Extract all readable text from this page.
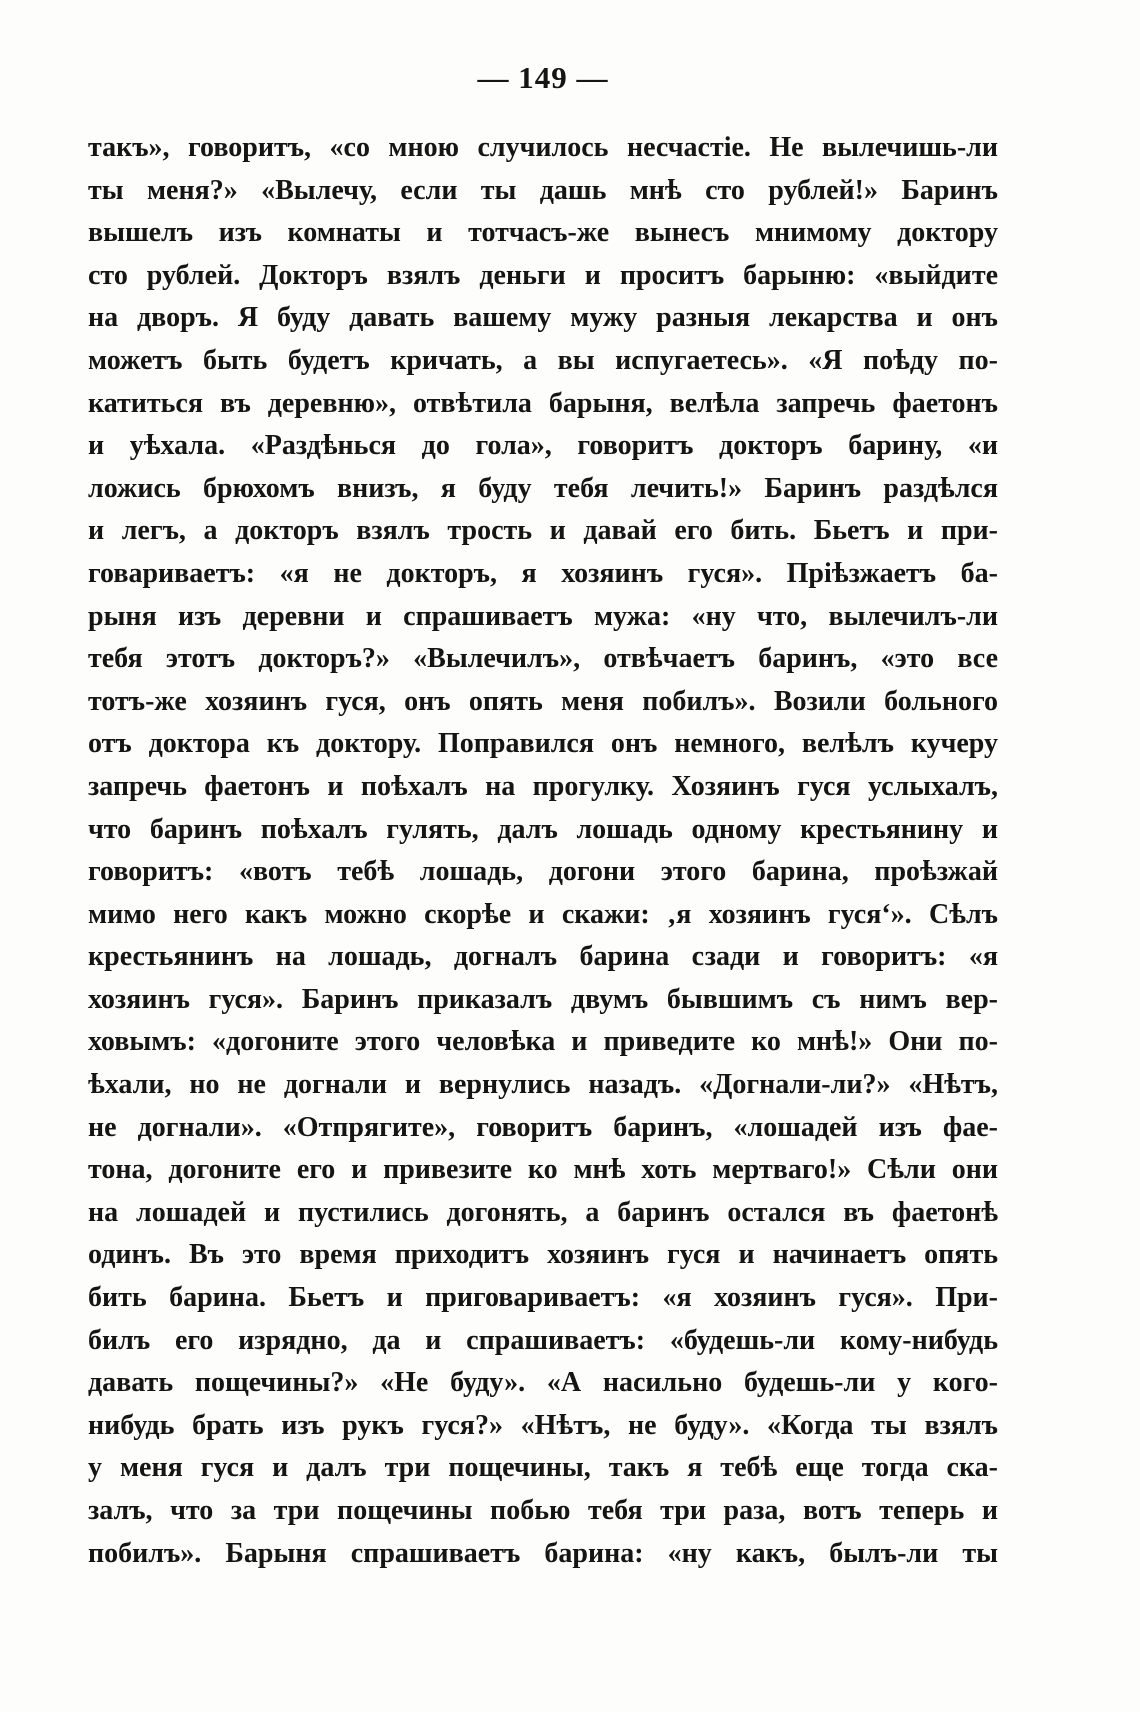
— 149 —
такъ», говоритъ, «со мною случилось несчастіе. Не вылечишь-ли
ты меня?» «Вылечу, если ты дашь мнѣ сто рублей!» Баринъ
вышелъ изъ комнаты и тотчасъ-же вынесъ мнимому доктору
сто рублей. Докторъ взялъ деньги и проситъ барыню: «выйдите
на дворъ. Я буду давать вашему мужу разныя лекарства и онъ
можетъ быть будетъ кричать, а вы испугаетесь». «Я поѣду по-
катиться въ деревню», отвѣтила барыня, велѣла запречь фаетонъ
и уѣхала. «Раздѣнься до гола», говоритъ докторъ барину, «и
ложись брюхомъ внизъ, я буду тебя лечить!» Баринъ раздѣлся
и легъ, а докторъ взялъ трость и давай его бить. Бьетъ и при-
говариваетъ: «я не докторъ, я хозяинъ гуся». Пріѣзжаетъ ба-
рыня изъ деревни и спрашиваетъ мужа: «ну что, вылечилъ-ли
тебя этотъ докторъ?» «Вылечилъ», отвѣчаетъ баринъ, «это все
тотъ-же хозяинъ гуся, онъ опять меня побилъ». Возили больного
отъ доктора къ доктору. Поправился онъ немного, велѣлъ кучеру
запречь фаетонъ и поѣхалъ на прогулку. Хозяинъ гуся услыхалъ,
что баринъ поѣхалъ гулять, далъ лошадь одному крестьянину и
говоритъ: «вотъ тебѣ лошадь, догони этого барина, проѣзжай
мимо него какъ можно скорѣе и скажи: ‚я хозяинъ гуся‘». Сѣлъ
крестьянинъ на лошадь, догналъ барина сзади и говоритъ: «я
хозяинъ гуся». Баринъ приказалъ двумъ бывшимъ съ нимъ вер-
ховымъ: «догоните этого человѣка и приведите ко мнѣ!» Они по-
ѣхали, но не догнали и вернулись назадъ. «Догнали-ли?» «Нѣтъ,
не догнали». «Отпрягите», говоритъ баринъ, «лошадей изъ фае-
тона, догоните его и привезите ко мнѣ хоть мертваго!» Сѣли они
на лошадей и пустились догонять, а баринъ остался въ фаетонѣ
одинъ. Въ это время приходитъ хозяинъ гуся и начинаетъ опять
бить барина. Бьетъ и приговариваетъ: «я хозяинъ гуся». При-
билъ его изрядно, да и спрашиваетъ: «будешь-ли кому-нибудь
давать пощечины?» «Не буду». «А насильно будешь-ли у кого-
нибудь брать изъ рукъ гуся?» «Нѣтъ, не буду». «Когда ты взялъ
у меня гуся и далъ три пощечины, такъ я тебѣ еще тогда ска-
залъ, что за три пощечины побью тебя три раза, вотъ теперь и
побилъ». Барыня спрашиваетъ барина: «ну какъ, былъ-ли ты
